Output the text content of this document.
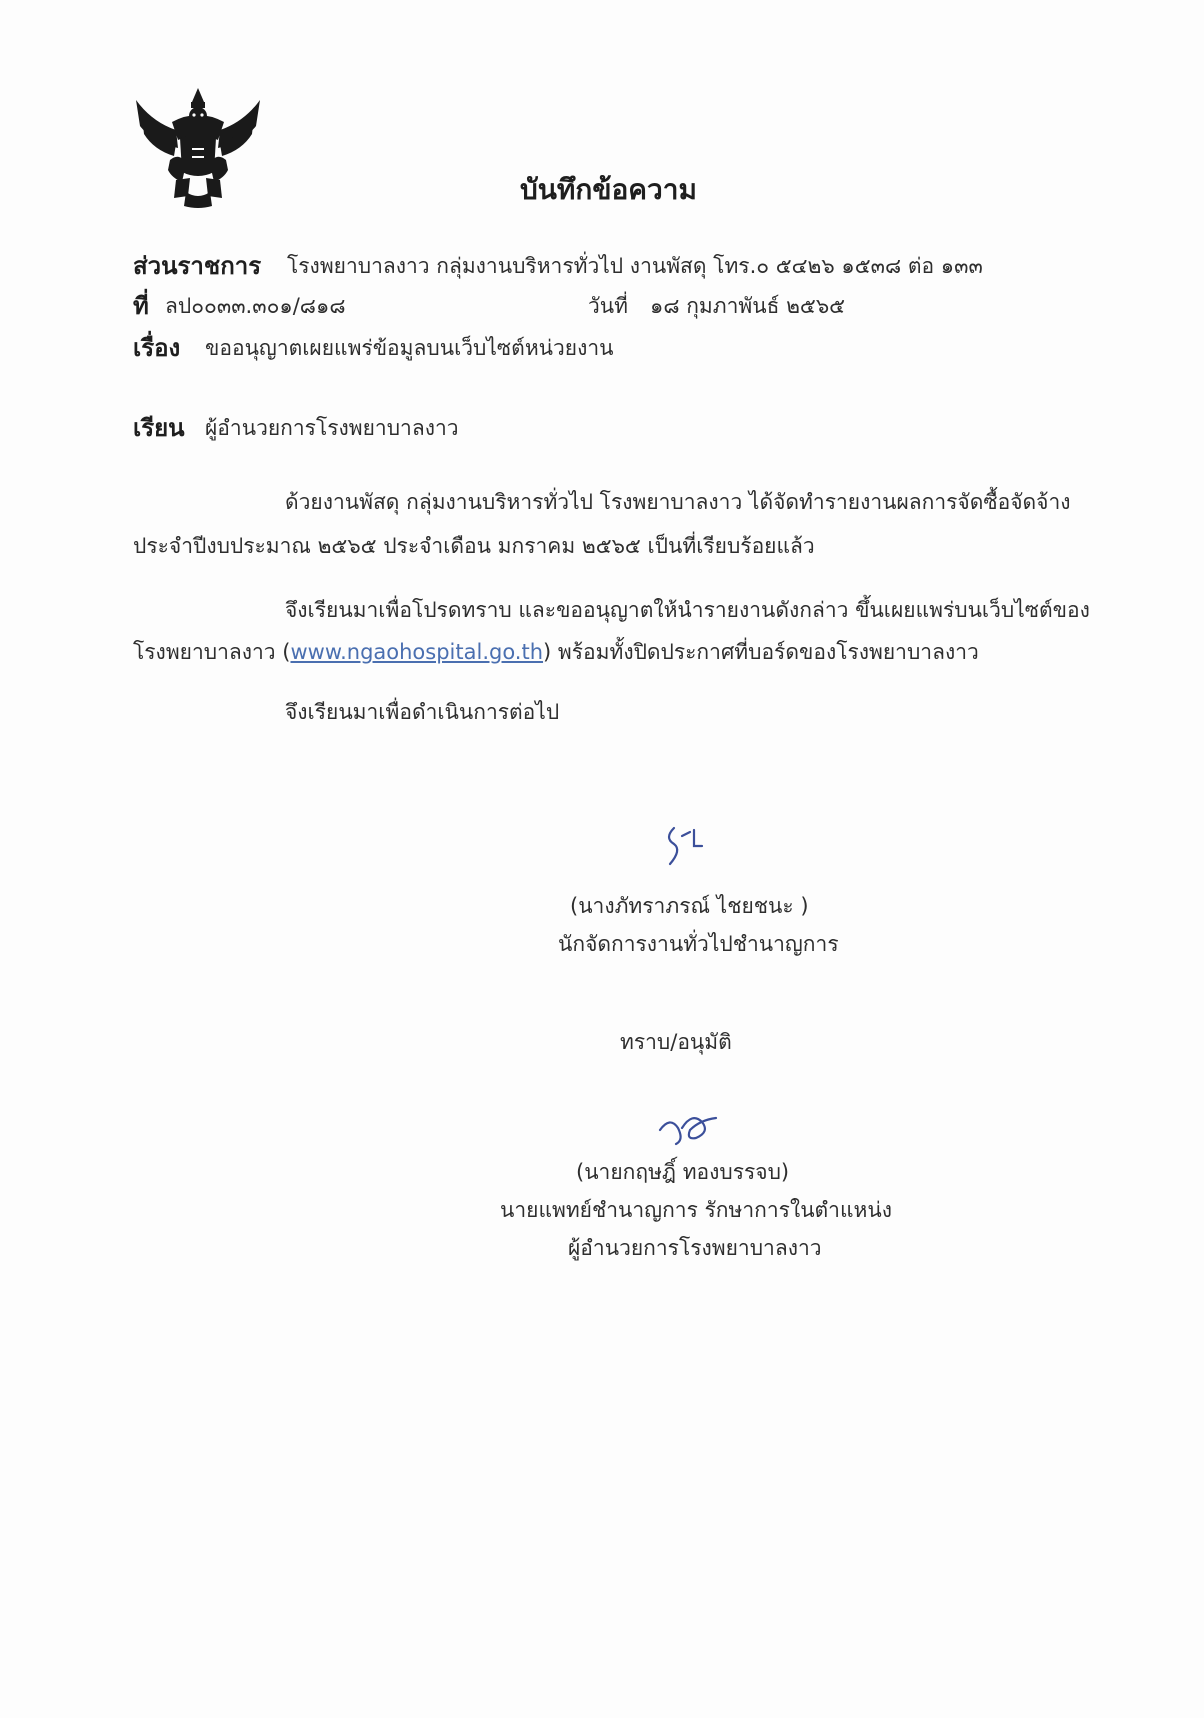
บันทึกข้อความ
ส่วนราชการ โรงพยาบาลงาว กลุ่มงานบริหารทั่วไป งานพัสดุ โทร.๐ ๕๔๒๖ ๑๕๓๘ ต่อ ๑๓๓
ที่ ลป๐๐๓๓.๓๐๑/๘๑๘	วันที่ ๑๘ กุมภาพันธ์ ๒๕๖๕
เรื่อง ขออนุญาตเผยแพร่ข้อมูลบนเว็บไซต์หน่วยงาน
เรียน ผู้อำนวยการโรงพยาบาลงาว
ด้วยงานพัสดุ กลุ่มงานบริหารทั่วไป โรงพยาบาลงาว ได้จัดทำรายงานผลการจัดซื้อจัดจ้าง
ประจำปีงบประมาณ ๒๕๖๕ ประจำเดือน มกราคม ๒๕๖๕ เป็นที่เรียบร้อยแล้ว
จึงเรียนมาเพื่อโปรดทราบ และขออนุญาตให้นำรายงานดังกล่าว ขึ้นเผยแพร่บนเว็บไซต์ของ
โรงพยาบาลงาว (www.ngaohospital.go.th) พร้อมทั้งปิดประกาศที่บอร์ดของโรงพยาบาลงาว
จึงเรียนมาเพื่อดำเนินการต่อไป
(นางภัทราภรณ์ ไชยชนะ )
นักจัดการงานทั่วไปชำนาญการ
ทราบ/อนุมัติ
(นายกฤษฎิ์ ทองบรรจบ)
นายแพทย์ชำนาญการ รักษาการในตำแหน่ง
ผู้อำนวยการโรงพยาบาลงาว
